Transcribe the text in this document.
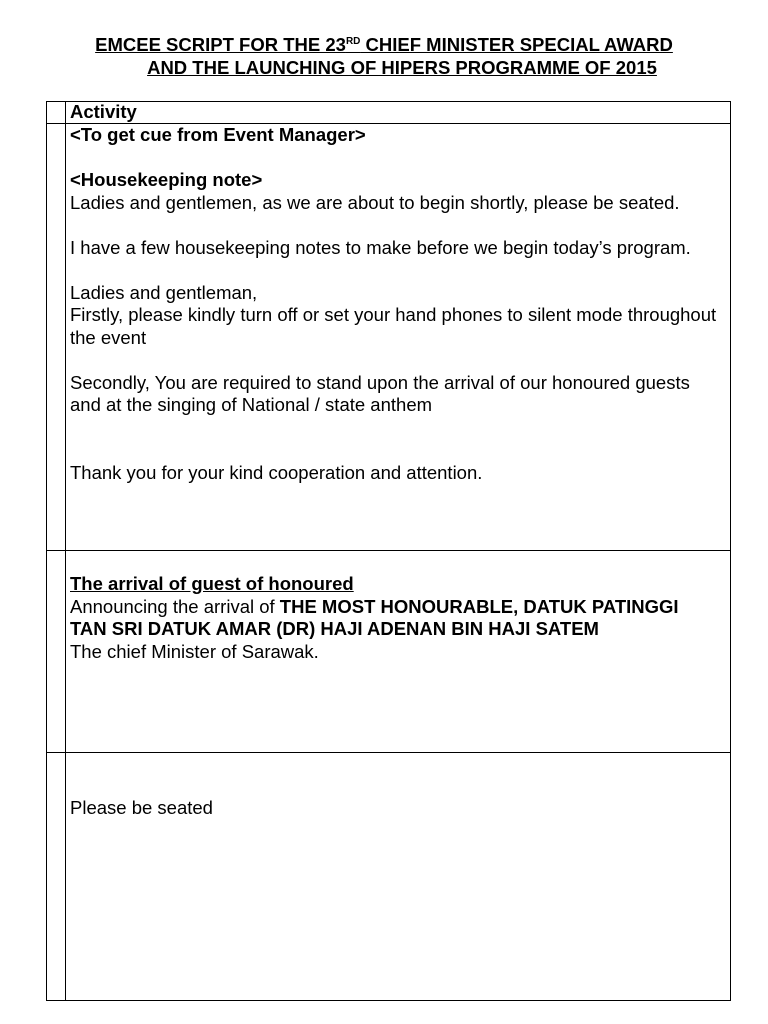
EMCEE SCRIPT FOR THE 23RD CHIEF MINISTER SPECIAL AWARD
AND THE LAUNCHING OF HIPERS PROGRAMME OF 2015

Activity

<To get cue from Event Manager>

<Housekeeping note>

Ladies and gentlemen, as we are about to begin shortly, please be seated.

I have a few housekeeping notes to make before we begin today’s program.

Ladies and gentleman,

Firstly, please kindly turn off or set your hand phones to silent mode throughout the event

Secondly, You are required to stand upon the arrival of our honoured guests and at the singing of National / state anthem

Thank you for your kind cooperation and attention.

The arrival of guest of honoured

Announcing the arrival of THE MOST HONOURABLE, DATUK PATINGGI TAN SRI DATUK AMAR (DR) HAJI ADENAN BIN HAJI SATEM

The chief Minister of Sarawak.

Please be seated
